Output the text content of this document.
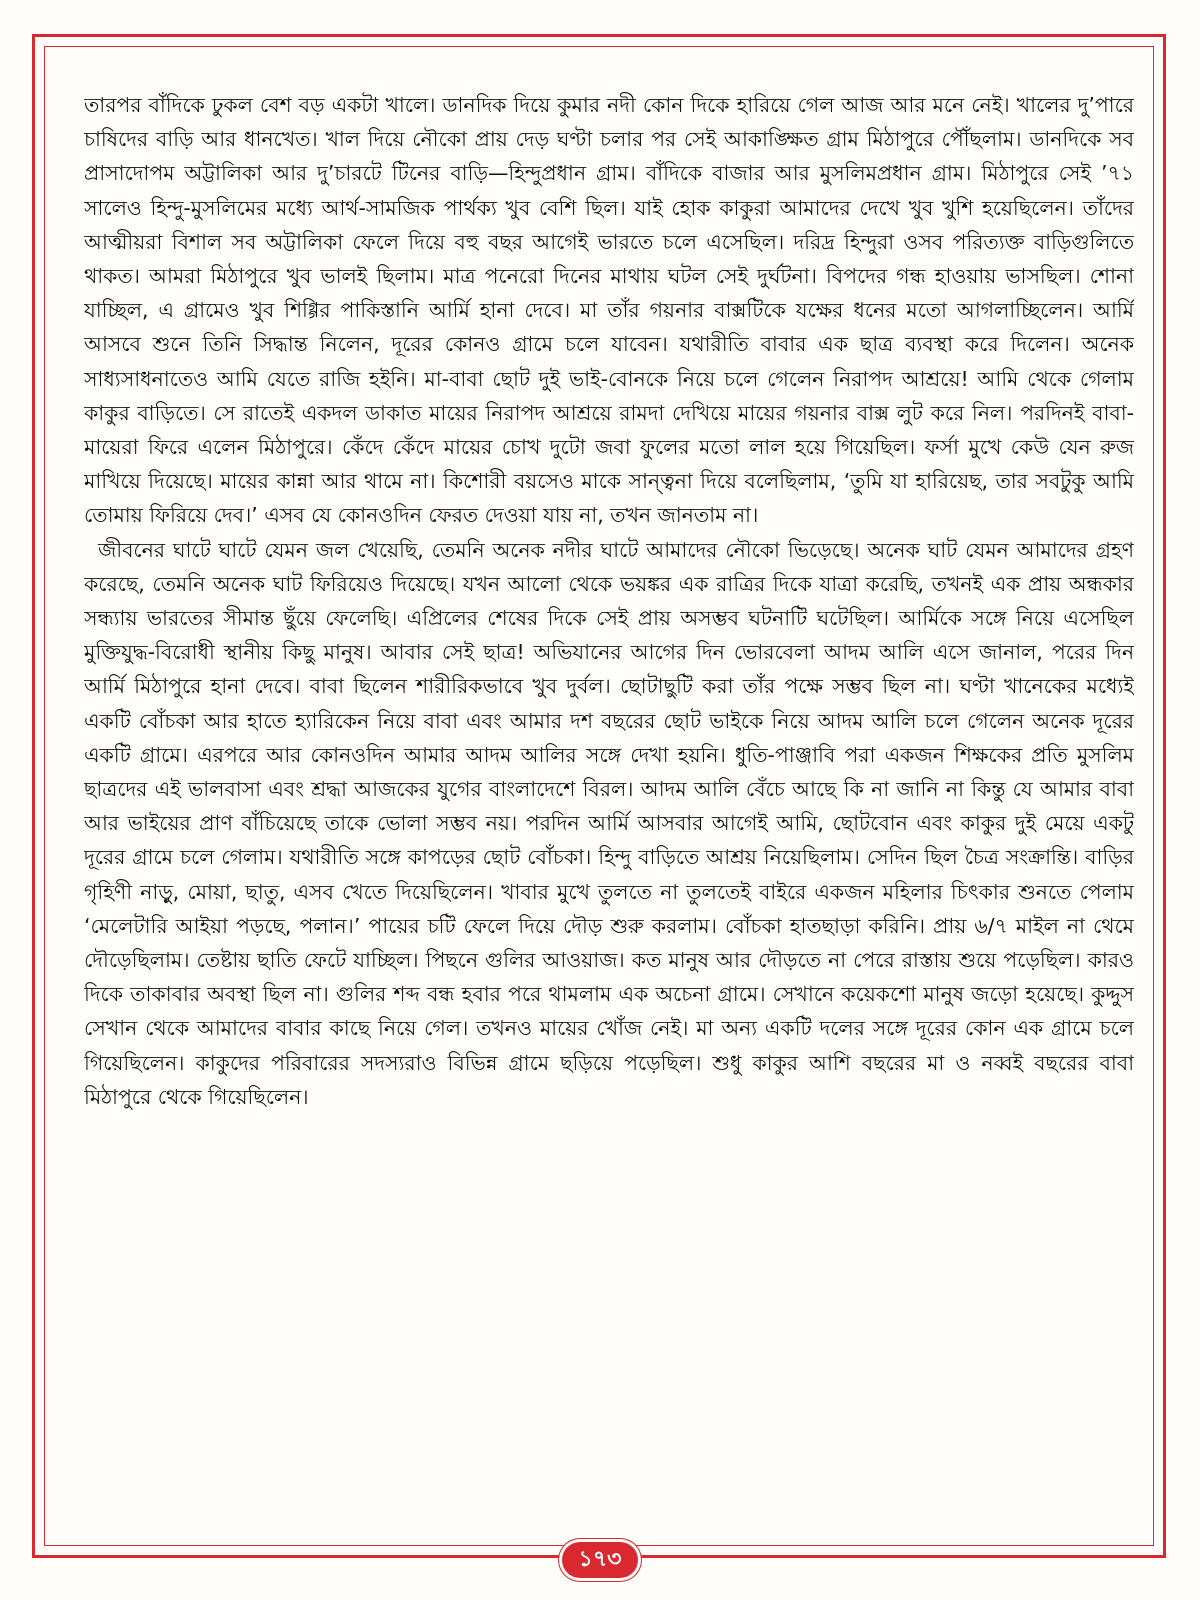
তারপর বাঁদিকে ঢুকল বেশ বড় একটা খালে। ডানদিক দিয়ে কুমার নদী কোন দিকে হারিয়ে গেল আজ আর মনে নেই। খালের দু’পারে চাষিদের বাড়ি আর ধানখেত। খাল দিয়ে নৌকো প্রায় দেড় ঘণ্টা চলার পর সেই আকাঙ্ক্ষিত গ্রাম মিঠাপুরে পৌঁছলাম। ডানদিকে সব প্রাসাদোপম অট্টালিকা আর দু’চারটে টিনের বাড়ি—হিন্দুপ্রধান গ্রাম। বাঁদিকে বাজার আর মুসলিমপ্রধান গ্রাম। মিঠাপুরে সেই ’৭১ সালেও হিন্দু-মুসলিমের মধ্যে আর্থ-সামজিক পার্থক্য খুব বেশি ছিল। যাই হোক কাকুরা আমাদের দেখে খুব খুশি হয়েছিলেন। তাঁদের আত্মীয়রা বিশাল সব অট্টালিকা ফেলে দিয়ে বহু বছর আগেই ভারতে চলে এসেছিল। দরিদ্র হিন্দুরা ওসব পরিত্যক্ত বাড়িগুলিতে থাকত। আমরা মিঠাপুরে খুব ভালই ছিলাম। মাত্র পনেরো দিনের মাথায় ঘটল সেই দুর্ঘটনা। বিপদের গন্ধ হাওয়ায় ভাসছিল। শোনা যাচ্ছিল, এ গ্রামেও খুব শিগ্গির পাকিস্তানি আর্মি হানা দেবে। মা তাঁর গয়নার বাক্সটিকে যক্ষের ধনের মতো আগলাচ্ছিলেন। আর্মি আসবে শুনে তিনি সিদ্ধান্ত নিলেন, দূরের কোনও গ্রামে চলে যাবেন। যথারীতি বাবার এক ছাত্র ব্যবস্থা করে দিলেন। অনেক সাধ্যসাধনাতেও আমি যেতে রাজি হইনি। মা-বাবা ছোট দুই ভাই-বোনকে নিয়ে চলে গেলেন নিরাপদ আশ্রয়ে! আমি থেকে গেলাম কাকুর বাড়িতে। সে রাতেই একদল ডাকাত মায়ের নিরাপদ আশ্রয়ে রামদা দেখিয়ে মায়ের গয়নার বাক্স লুট করে নিল। পরদিনই বাবা-মায়েরা ফিরে এলেন মিঠাপুরে। কেঁদে কেঁদে মায়ের চোখ দুটো জবা ফুলের মতো লাল হয়ে গিয়েছিল। ফর্সা মুখে কেউ যেন রুজ মাখিয়ে দিয়েছে। মায়ের কান্না আর থামে না। কিশোরী বয়সেও মাকে সান্ত্বনা দিয়ে বলেছিলাম, ‘তুমি যা হারিয়েছ, তার সবটুকু আমি তোমায় ফিরিয়ে দেব।’ এসব যে কোনওদিন ফেরত দেওয়া যায় না, তখন জানতাম না।

জীবনের ঘাটে ঘাটে যেমন জল খেয়েছি, তেমনি অনেক নদীর ঘাটে আমাদের নৌকো ভিড়েছে। অনেক ঘাট যেমন আমাদের গ্রহণ করেছে, তেমনি অনেক ঘাট ফিরিয়েও দিয়েছে। যখন আলো থেকে ভয়ঙ্কর এক রাত্রির দিকে যাত্রা করেছি, তখনই এক প্রায় অন্ধকার সন্ধ্যায় ভারতের সীমান্ত ছুঁয়ে ফেলেছি। এপ্রিলের শেষের দিকে সেই প্রায় অসম্ভব ঘটনাটি ঘটেছিল। আর্মিকে সঙ্গে নিয়ে এসেছিল মুক্তিযুদ্ধ-বিরোধী স্থানীয় কিছু মানুষ। আবার সেই ছাত্র! অভিযানের আগের দিন ভোরবেলা আদম আলি এসে জানাল, পরের দিন আর্মি মিঠাপুরে হানা দেবে। বাবা ছিলেন শারীরিকভাবে খুব দুর্বল। ছোটাছুটি করা তাঁর পক্ষে সম্ভব ছিল না। ঘণ্টা খানেকের মধ্যেই একটি বোঁচকা আর হাতে হ্যারিকেন নিয়ে বাবা এবং আমার দশ বছরের ছোট ভাইকে নিয়ে আদম আলি চলে গেলেন অনেক দূরের একটি গ্রামে। এরপরে আর কোনওদিন আমার আদম আলির সঙ্গে দেখা হয়নি। ধুতি-পাঞ্জাবি পরা একজন শিক্ষকের প্রতি মুসলিম ছাত্রদের এই ভালবাসা এবং শ্রদ্ধা আজকের যুগের বাংলাদেশে বিরল। আদম আলি বেঁচে আছে কি না জানি না কিন্তু যে আমার বাবা আর ভাইয়ের প্রাণ বাঁচিয়েছে তাকে ভোলা সম্ভব নয়। পরদিন আর্মি আসবার আগেই আমি, ছোটবোন এবং কাকুর দুই মেয়ে একটু দূরের গ্রামে চলে গেলাম। যথারীতি সঙ্গে কাপড়ের ছোট বোঁচকা। হিন্দু বাড়িতে আশ্রয় নিয়েছিলাম। সেদিন ছিল চৈত্র সংক্রান্তি। বাড়ির গৃহিণী নাড়ু, মোয়া, ছাতু, এসব খেতে দিয়েছিলেন। খাবার মুখে তুলতে না তুলতেই বাইরে একজন মহিলার চিৎকার শুনতে পেলাম ‘মেলেটারি আইয়া পড়ছে, পলান।’ পায়ের চটি ফেলে দিয়ে দৌড় শুরু করলাম। বোঁচকা হাতছাড়া করিনি। প্রায় ৬/৭ মাইল না থেমে দৌড়েছিলাম। তেষ্টায় ছাতি ফেটে যাচ্ছিল। পিছনে গুলির আওয়াজ। কত মানুষ আর দৌড়তে না পেরে রাস্তায় শুয়ে পড়েছিল। কারও দিকে তাকাবার অবস্থা ছিল না। গুলির শব্দ বন্ধ হবার পরে থামলাম এক অচেনা গ্রামে। সেখানে কয়েকশো মানুষ জড়ো হয়েছে। কুদ্দুস সেখান থেকে আমাদের বাবার কাছে নিয়ে গেল। তখনও মায়ের খোঁজ নেই। মা অন্য একটি দলের সঙ্গে দূরের কোন এক গ্রামে চলে গিয়েছিলেন। কাকুদের পরিবারের সদস্যরাও বিভিন্ন গ্রামে ছড়িয়ে পড়েছিল। শুধু কাকুর আশি বছরের মা ও নব্বই বছরের বাবা মিঠাপুরে থেকে গিয়েছিলেন।

১৭৩
